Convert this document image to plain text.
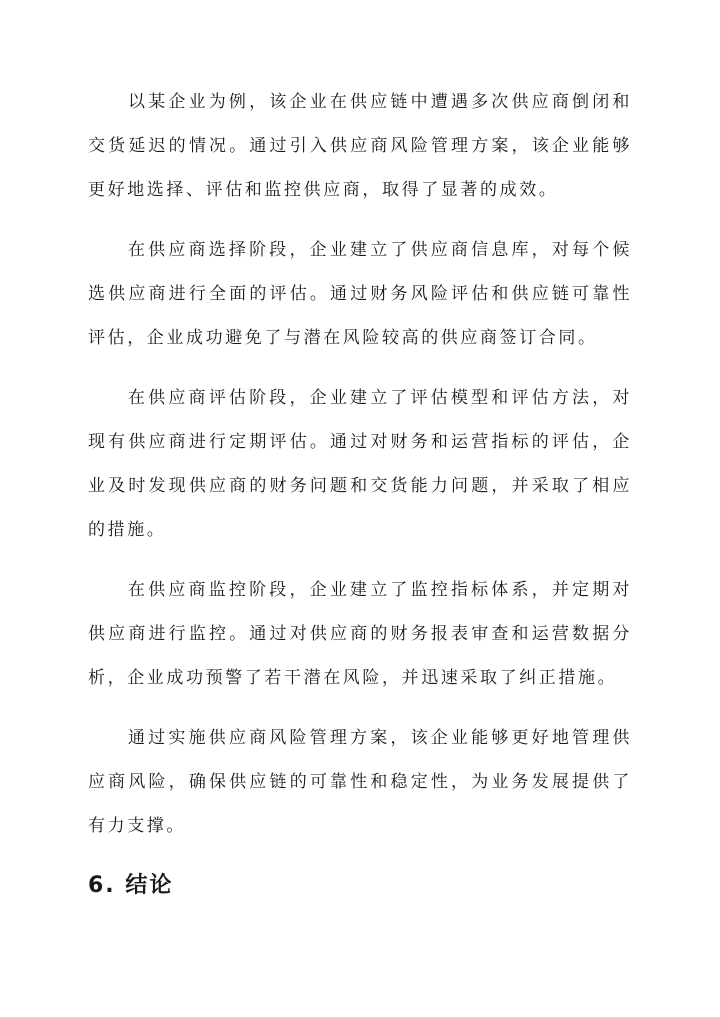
以某企业为例，该企业在供应链中遭遇多次供应商倒闭和交货延迟的情况。通过引入供应商风险管理方案，该企业能够更好地选择、评估和监控供应商，取得了显著的成效。

在供应商选择阶段，企业建立了供应商信息库，对每个候选供应商进行全面的评估。通过财务风险评估和供应链可靠性评估，企业成功避免了与潜在风险较高的供应商签订合同。

在供应商评估阶段，企业建立了评估模型和评估方法，对现有供应商进行定期评估。通过对财务和运营指标的评估，企业及时发现供应商的财务问题和交货能力问题，并采取了相应的措施。

在供应商监控阶段，企业建立了监控指标体系，并定期对供应商进行监控。通过对供应商的财务报表审查和运营数据分析，企业成功预警了若干潜在风险，并迅速采取了纠正措施。

通过实施供应商风险管理方案，该企业能够更好地管理供应商风险，确保供应链的可靠性和稳定性，为业务发展提供了有力支撑。

6. 结论
